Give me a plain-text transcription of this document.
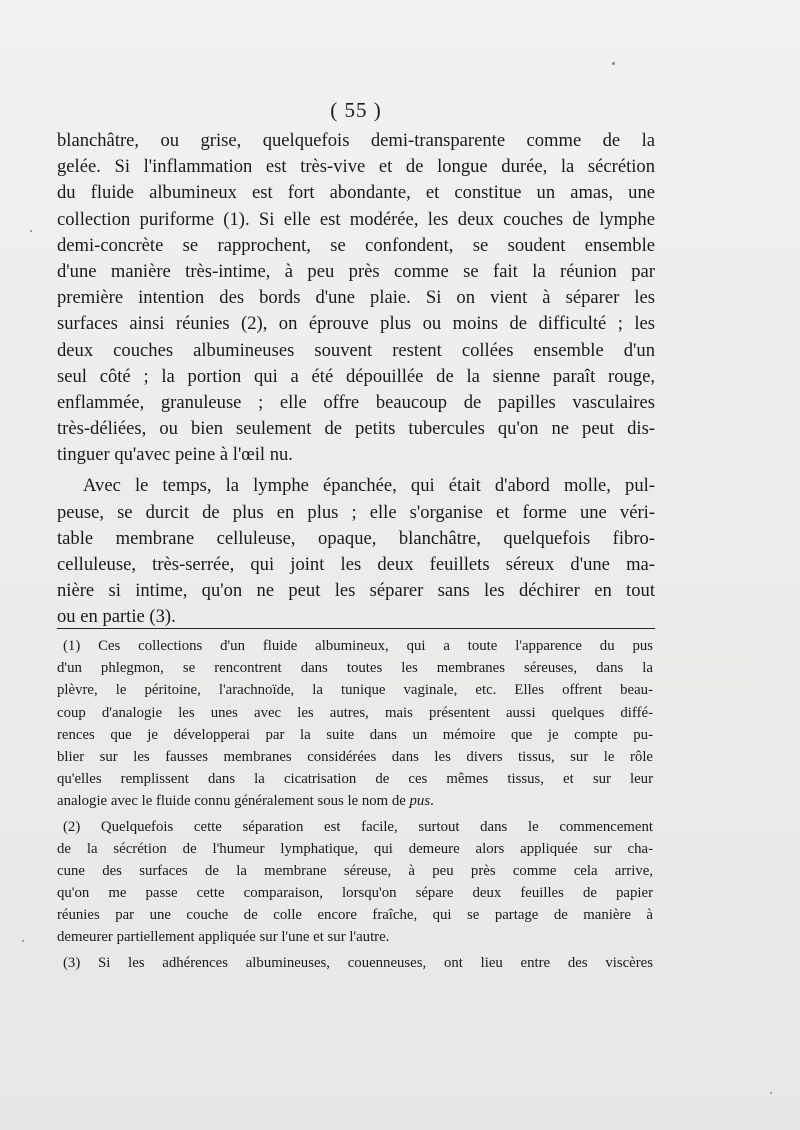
( 55 )
blanchâtre, ou grise, quelquefois demi-transparente comme de la
gelée. Si l'inflammation est très-vive et de longue durée, la sécrétion
du fluide albumineux est fort abondante, et constitue un amas, une
collection puriforme (1). Si elle est modérée, les deux couches de lymphe
demi-concrète se rapprochent, se confondent, se soudent ensemble
d'une manière très-intime, à peu près comme se fait la réunion par
première intention des bords d'une plaie. Si on vient à séparer les
surfaces ainsi réunies (2), on éprouve plus ou moins de difficulté ; les
deux couches albumineuses souvent restent collées ensemble d'un
seul côté ; la portion qui a été dépouillée de la sienne paraît rouge,
enflammée, granuleuse ; elle offre beaucoup de papilles vasculaires
très-déliées, ou bien seulement de petits tubercules qu'on ne peut dis-
tinguer qu'avec peine à l'œil nu.
Avec le temps, la lymphe épanchée, qui était d'abord molle, pul-
peuse, se durcit de plus en plus ; elle s'organise et forme une véri-
table membrane celluleuse, opaque, blanchâtre, quelquefois fibro-
celluleuse, très-serrée, qui joint les deux feuillets séreux d'une ma-
nière si intime, qu'on ne peut les séparer sans les déchirer en tout
ou en partie (3).
(1) Ces collections d'un fluide albumineux, qui a toute l'apparence du pus
d'un phlegmon, se rencontrent dans toutes les membranes séreuses, dans la
plèvre, le péritoine, l'arachnoïde, la tunique vaginale, etc. Elles offrent beau-
coup d'analogie les unes avec les autres, mais présentent aussi quelques diffé-
rences que je développerai par la suite dans un mémoire que je compte pu-
blier sur les fausses membranes considérées dans les divers tissus, sur le rôle
qu'elles remplissent dans la cicatrisation de ces mêmes tissus, et sur leur
analogie avec le fluide connu généralement sous le nom de pus.
(2) Quelquefois cette séparation est facile, surtout dans le commencement
de la sécrétion de l'humeur lymphatique, qui demeure alors appliquée sur cha-
cune des surfaces de la membrane séreuse, à peu près comme cela arrive,
qu'on me passe cette comparaison, lorsqu'on sépare deux feuilles de papier
réunies par une couche de colle encore fraîche, qui se partage de manière à
demeurer partiellement appliquée sur l'une et sur l'autre.
(3) Si les adhérences albumineuses, couenneuses, ont lieu entre des viscères
